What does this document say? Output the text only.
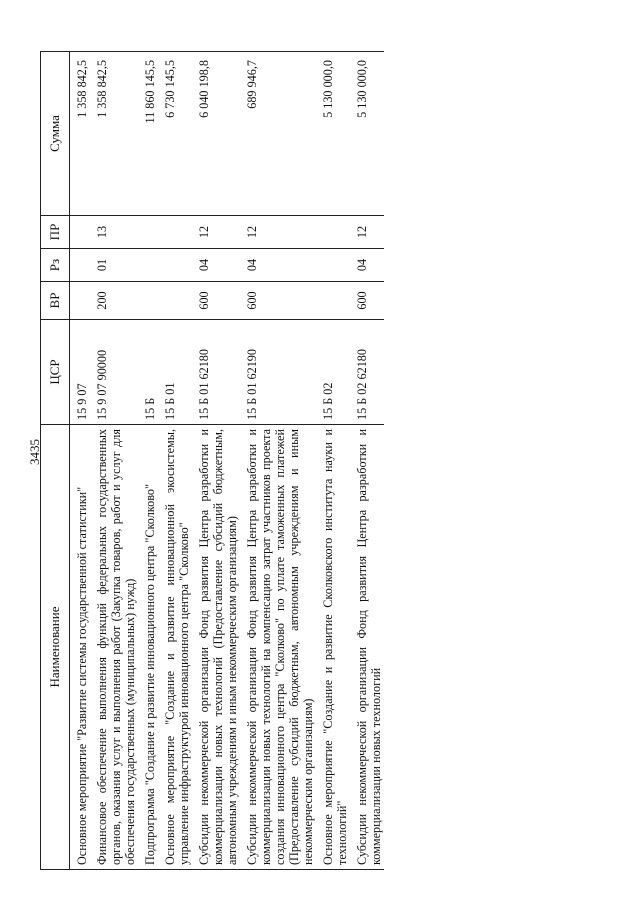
3435
Наименование	ЦСР	ВР	Рз	ПР	Сумма

Основное мероприятие "Развитие системы государственной статистики"	15 9 07				1 358 842,5

Финансовое обеспечение выполнения функций федеральных государственных органов, оказания услуг и выполнения работ (Закупка товаров, работ и услуг для обеспечения государственных (муниципальных) нужд)	15 9 07 90000	200	01	13	1 358 842,5

Подпрограмма "Создание и развитие инновационного центра "Сколково"	15 Б				11 860 145,5

Основное мероприятие "Создание и развитие инновационной экосистемы, управление инфраструктурой инновационного центра "Сколково"	15 Б 01				6 730 145,5

Субсидии некоммерческой организации Фонд развития Центра разработки и коммерциализации новых технологий (Предоставление субсидий бюджетным, автономным учреждениям и иным некоммерческим организациям)	15 Б 01 62180	600	04	12	6 040 198,8

Субсидии некоммерческой организации Фонд развития Центра разработки и коммерциализации новых технологий на компенсацию затрат участников проекта создания инновационного центра "Сколково" по уплате таможенных платежей (Предоставление субсидий бюджетным, автономным учреждениям и иным некоммерческим организациям)	15 Б 01 62190	600	04	12	689 946,7

Основное мероприятие "Создание и развитие Сколковского института науки и технологий"	15 Б 02				5 130 000,0

Субсидии некоммерческой организации Фонд развития Центра разработки и коммерциализации новых технологий	15 Б 02 62180	600	04	12	5 130 000,0
